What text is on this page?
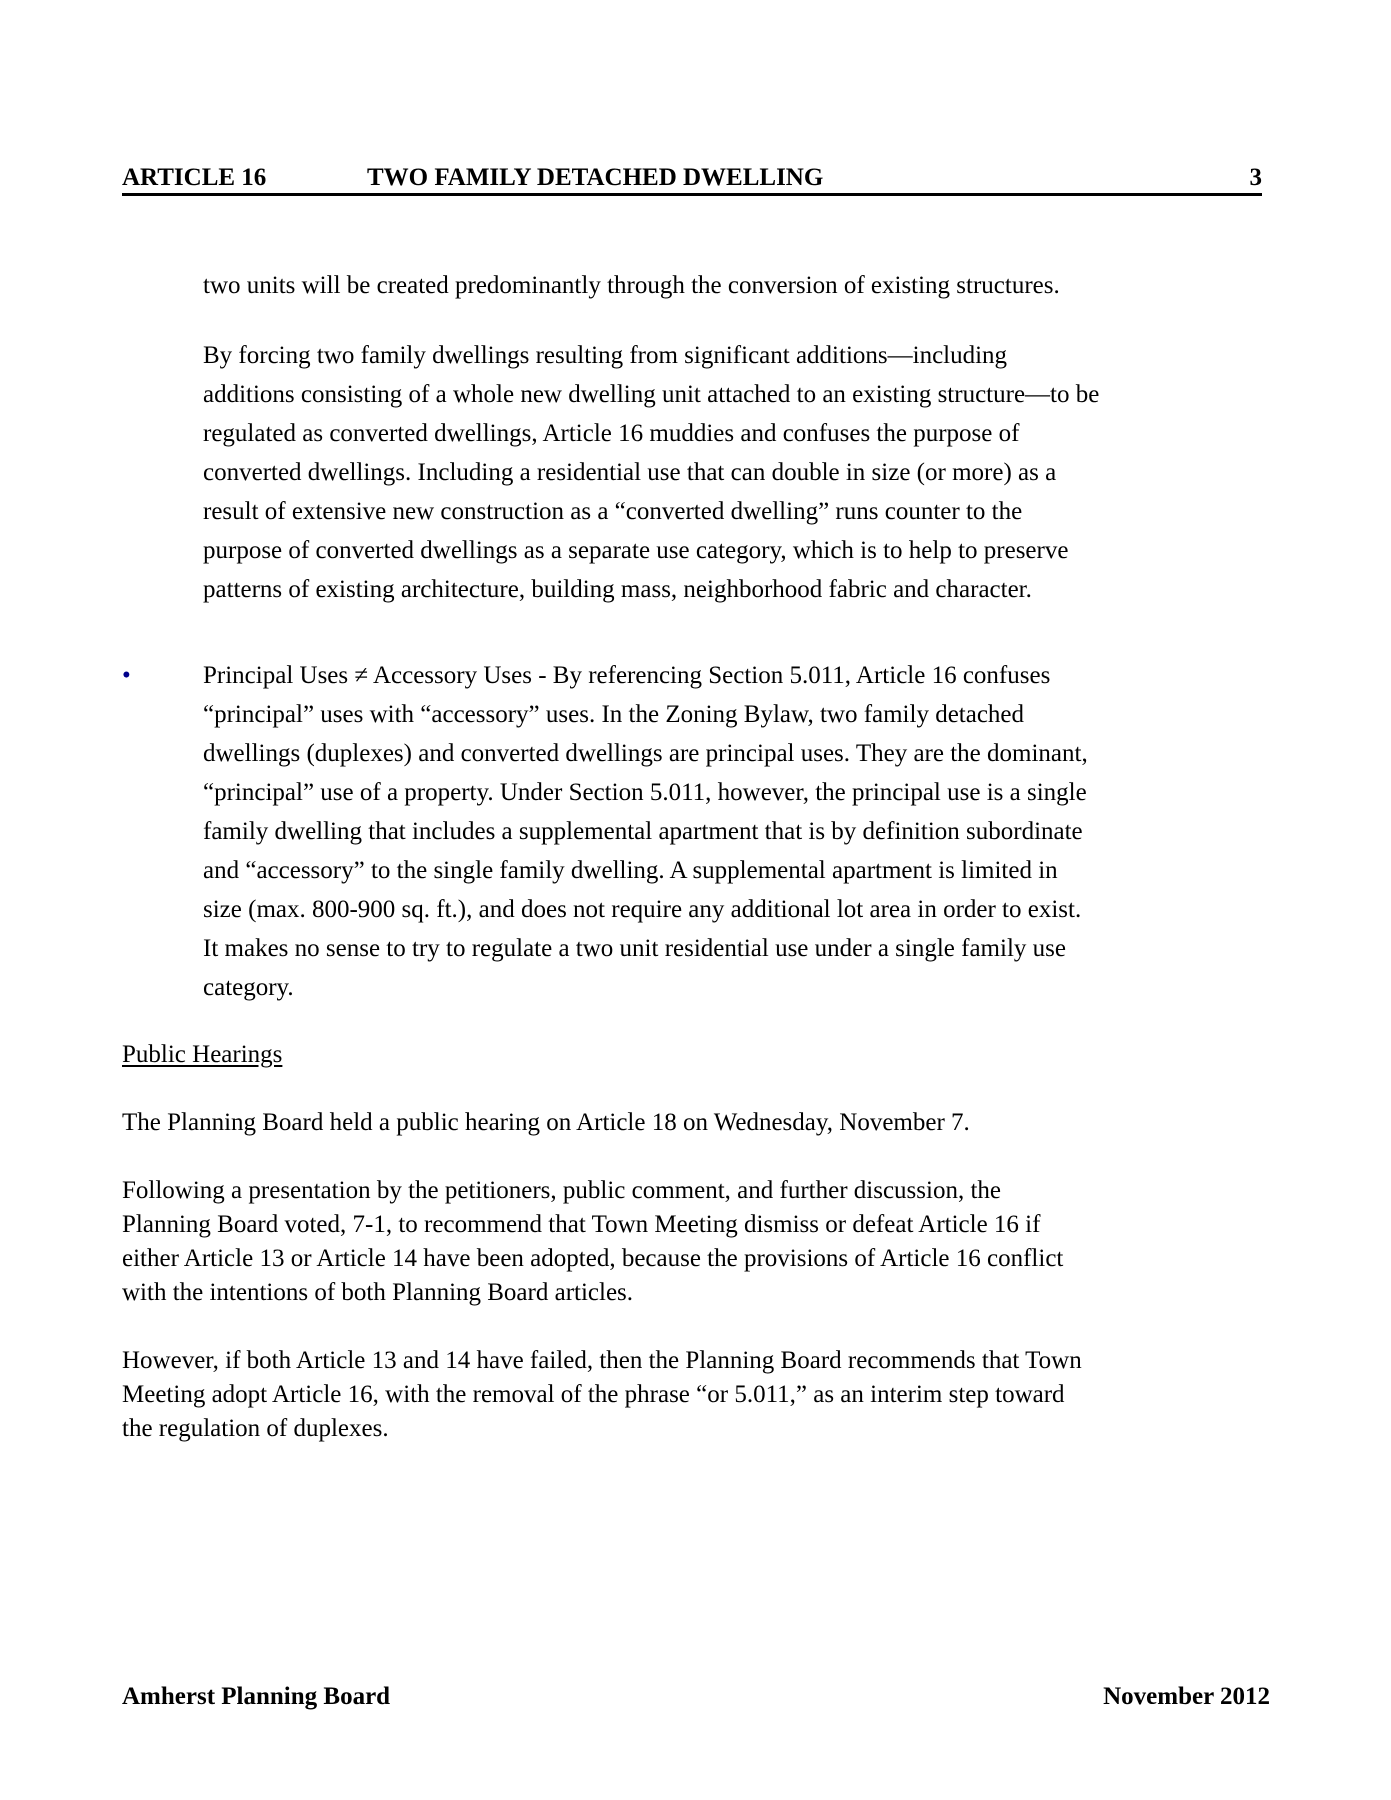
ARTICLE 16	TWO FAMILY DETACHED DWELLING	3
two units will be created predominantly through the conversion of existing structures.
By forcing two family dwellings resulting from significant additions—including
additions consisting of a whole new dwelling unit attached to an existing structure—to be
regulated as converted dwellings, Article 16 muddies and confuses the purpose of
converted dwellings. Including a residential use that can double in size (or more) as a
result of extensive new construction as a “converted dwelling” runs counter to the
purpose of converted dwellings as a separate use category, which is to help to preserve
patterns of existing architecture, building mass, neighborhood fabric and character.
•	Principal Uses ≠ Accessory Uses - By referencing Section 5.011, Article 16 confuses
“principal” uses with “accessory” uses. In the Zoning Bylaw, two family detached
dwellings (duplexes) and converted dwellings are principal uses. They are the dominant,
“principal” use of a property. Under Section 5.011, however, the principal use is a single
family dwelling that includes a supplemental apartment that is by definition subordinate
and “accessory” to the single family dwelling. A supplemental apartment is limited in
size (max. 800-900 sq. ft.), and does not require any additional lot area in order to exist.
It makes no sense to try to regulate a two unit residential use under a single family use
category.
Public Hearings
The Planning Board held a public hearing on Article 18 on Wednesday, November 7.
Following a presentation by the petitioners, public comment, and further discussion, the
Planning Board voted, 7-1, to recommend that Town Meeting dismiss or defeat Article 16 if
either Article 13 or Article 14 have been adopted, because the provisions of Article 16 conflict
with the intentions of both Planning Board articles.
However, if both Article 13 and 14 have failed, then the Planning Board recommends that Town
Meeting adopt Article 16, with the removal of the phrase “or 5.011,” as an interim step toward
the regulation of duplexes.
Amherst Planning Board	November 2012
